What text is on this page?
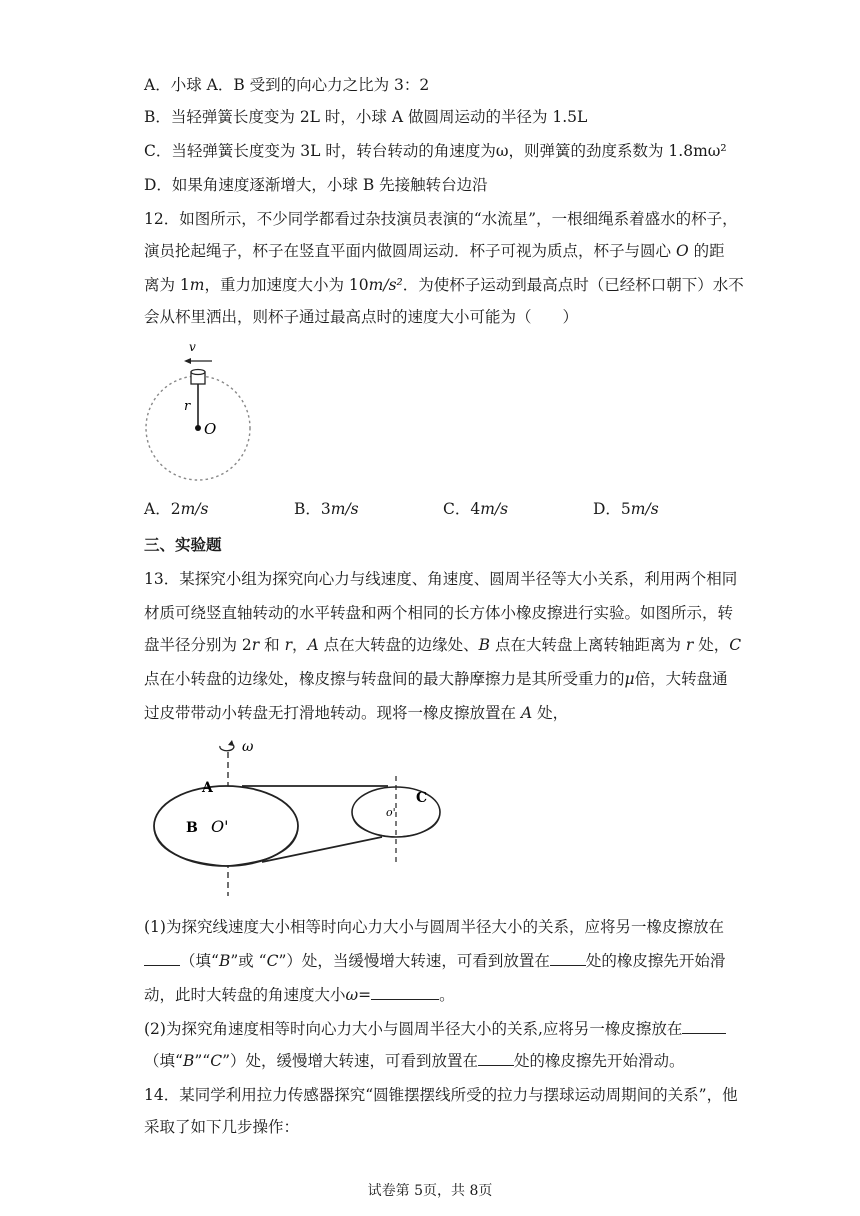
A．小球 A．B 受到的向心力之比为 3：2
B．当轻弹簧长度变为 2L 时，小球 A 做圆周运动的半径为 1.5L
C．当轻弹簧长度变为 3L 时，转台转动的角速度为ω，则弹簧的劲度系数为 1.8mω²
D．如果角速度逐渐增大，小球 B 先接触转台边沿
12．如图所示，不少同学都看过杂技演员表演的“水流星”，一根细绳系着盛水的杯子，
演员抡起绳子，杯子在竖直平面内做圆周运动．杯子可视为质点，杯子与圆心 O 的距
离为 1m，重力加速度大小为 10m/s²．为使杯子运动到最高点时（已经杯口朝下）水不
会从杯里洒出，则杯子通过最高点时的速度大小可能为（　　）
v
r
O
A．2m/s	B．3m/s	C．4m/s	D．5m/s
三、实验题
13．某探究小组为探究向心力与线速度、角速度、圆周半径等大小关系，利用两个相同
材质可绕竖直轴转动的水平转盘和两个相同的长方体小橡皮擦进行实验。如图所示，转
盘半径分别为 2r 和 r，A 点在大转盘的边缘处、B 点在大转盘上离转轴距离为 r 处，C
点在小转盘的边缘处，橡皮擦与转盘间的最大静摩擦力是其所受重力的μ倍，大转盘通
过皮带带动小转盘无打滑地转动。现将一橡皮擦放置在 A 处，
ω
A
B O'
C
o'
(1)为探究线速度大小相等时向心力大小与圆周半径大小的关系，应将另一橡皮擦放在
（填“B”或 “C”）处，当缓慢增大转速，可看到放置在 处的橡皮擦先开始滑
动，此时大转盘的角速度大小ω=	。
(2)为探究角速度相等时向心力大小与圆周半径大小的关系,应将另一橡皮擦放在
（填“B”“C”）处，缓慢增大转速，可看到放置在 处的橡皮擦先开始滑动。
14．某同学利用拉力传感器探究“圆锥摆摆线所受的拉力与摆球运动周期间的关系”，他
采取了如下几步操作：
试卷第 5页，共 8页
